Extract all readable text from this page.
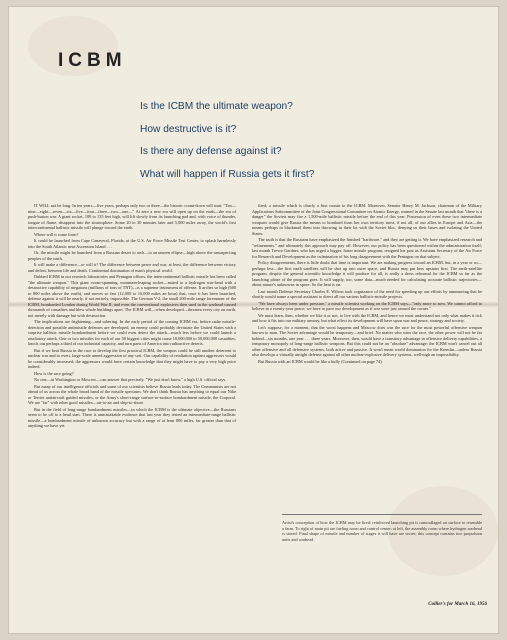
ICBM
Is the ICBM the ultimate weapon?
How destructive is it?
Is there any defense against it?
What will happen if Russia gets it first?

IT WILL not be long. In ten years—five years, perhaps only two or three—the historic count-down will start: "Ten—nine—eight—seven—six—five—four—three—two—one—" At zero a new era will open up on the earth—the era of push-button war. A giant rocket, 100 to 135 feet high, will lift slowly from its launching pad and, with voice of thunder, tongue of flame, disappear into the stratosphere. Some 20 to 30 minutes later and 5,000 miles away, the world's first intercontinental ballistic missile will plunge toward the earth.

Where will it come from?

It could be launched from Cape Canaveral, Florida, at the U.S. Air Force Missile Test Center, to splash harmlessly into the South Atlantic near Ascension Island . . .

Or, the missile might be launched from a Russian desert to arch—to an unseen ellipse—high above the unsuspecting peoples of the earth.

It will make a difference—or will it? The difference between peace and war, at least, the difference between victory and defeat, between life and death. Continental domination of man's physical world.

Dubbed ICBM in our research laboratories and Pentagon offices, the intercontinental ballistic missile has been called "the ultimate weapon." This giant ocean-spanning, mountain-leaping rocket—mated to a hydrogen war-head with a destructive capability of megatons (millions of tons of TNT)—is a supreme instrument of offense. It arches so high (600 to 800 miles above the earth), and moves so fast (12,000 to 16,000 miles an hour) that, once it has been launched, defense against it will be nearly, if not entirely, impossible. The German V-2, the small 200-mile range forerunner of the ICBM, bombarded London during World War II, and even the conventional explosives then used in the warhead caused thousands of casualties and blew whole buildings apart. The ICBM will—when developed—threaten every city on earth, not merely with damage but with destruction.

The implications are frightening—and sobering. In the early period of the coming ICBM era, before radar missile-detection and possible antimissile defenses are developed, an enemy could probably devastate the United States with a surprise ballistic missile bombardment before we could even detect the attack—much less before we could launch a retaliatory attack. One or two missiles for each of our 50 biggest cities might cause 10,000,000 to 50,000,000 casualties, knock out perhaps a third of our industrial capacity, and turn parts of America into radioactive deserts.

But if we beat Russia in the race to develop the first practical ICBM, the weapon could be still another deterrent to nuclear war and to overt, large-scale armed aggression of any sort. Our capability of retaliation against aggressors would be considerably increased; the aggressors would have certain knowledge that they might have to pay a very high price indeed.

How is the race going?

No one—in Washington or Moscow—can answer that precisely. "We just don't know," a high U.S. official says.

But many of our intelligence officials and some of our scientists believe Russia leads today. The Communists are not ahead of us across the whole broad band of the missile spectrum. We don't think Russia has anything to equal our Nike or Terrier antiaircraft guided missiles, or the Army's short-range surface-to-surface bombardment missile, the Corporal. We are "far" with other good missiles—air-to-air and ship-to-shore.

But in the field of long-range bombardment missiles—in which the ICBM is the ultimate objective—the Russians seem to be off to a head start. There is unmistakable evidence that last year they tested an intermediate-range ballistic missile—a bombardment missile of unknown accuracy but with a range of at least 800 miles, far greater than that of anything we have yet

fired; a missile which is clearly a first cousin to the ICBM. Moreover, Senator Henry M. Jackson, chairman of the Military Applications Subcommittee of the Joint Congressional Committee on Atomic Energy, warned in the Senate last month that "there is a danger" the Soviets may fire a 1,500-mile ballistic missile before the end of this year. Possession of even these two intermediate weapons would give Russia the means to bombard from her own territory most, if not all, of our allies in Europe and Asia—the means perhaps to blackmail them into throwing in their lot with the Soviet bloc, denying us their bases and isolating the United States.

The truth is that the Russians have emphasized the finished "hardware," and they are getting it. We have emphasized research and "refinements," and ultimately this approach may pay off. However, our policy has been questioned within the administration itself; last month Trevor Gardner, who has urged a bigger, faster missile program, resigned his post as Assistant Secretary of the Air Force for Research and Development as the culmination of his long disagreement with the Pentagon on that subject.

Policy disagreements, there is little doubt that time is important. We are making progress toward an ICBM, but, in a year or so—perhaps less—the first earth satellites will be shot up into outer space, and Russia may put hers upstairs first. The earth-satellite program, despite the general scientific knowledge it will produce for all, is really a dress rehearsal for the ICBM so far as the launching phase of the program goes. It will supply, too, some data—much needed for calculating accurate ballistic trajectories—about nature's unknowns in space. So the heat is on.

Last month Defense Secretary Charles E. Wilson took cognizance of the need for speeding up our efforts by announcing that he shortly would name a special assistant to direct all our various ballistic-missile projects.

"We have always been under pressure," a missile scientist working on the ICBM says—"only more so now. We cannot afford to believe in a twenty-year peace; we have to pace our development as if war were just around the corner."

We must learn, then, whether we like it or not, to live with the ICBM, and hence we must understand not only what makes it tick and how it fits into our military armory, but what effect its development will have upon war and peace, strategy and society.

Let's suppose, for a moment, that the worst happens and Moscow does win the race for the most powerful offensive weapon known to man. The Soviet advantage would be temporary—and brief. No matter who wins the race, the other power will not be far behind—six months, one year . . . three years. Moreover, then, would have a transitory advantage in offensive delivery capabilities, a temporary monopoly of long-range ballistic weapons. But this could not be an "absolute" advantage; the ICBM won't cancel out all other offensive and all defensive systems, both active and passive. It won't mean world domination for the Kremlin—unless Russia also develops a virtually airtight defense against all other nuclear-explosive delivery systems, well-nigh an impossibility.

But Russia with an ICBM would be like a bully (Continued on page 74)

Artist's conception of how the ICBM may be fired: reinforced launching pit is camouflaged on surface to resemble a farm. To right of main pit are fueling room and control center; at left, the assembly room where hydrogen warhead is stored. Final shape of missile and number of stages it will have are secret; this concept contains two propulsion units and warhead
Collier's for March 16, 1956
